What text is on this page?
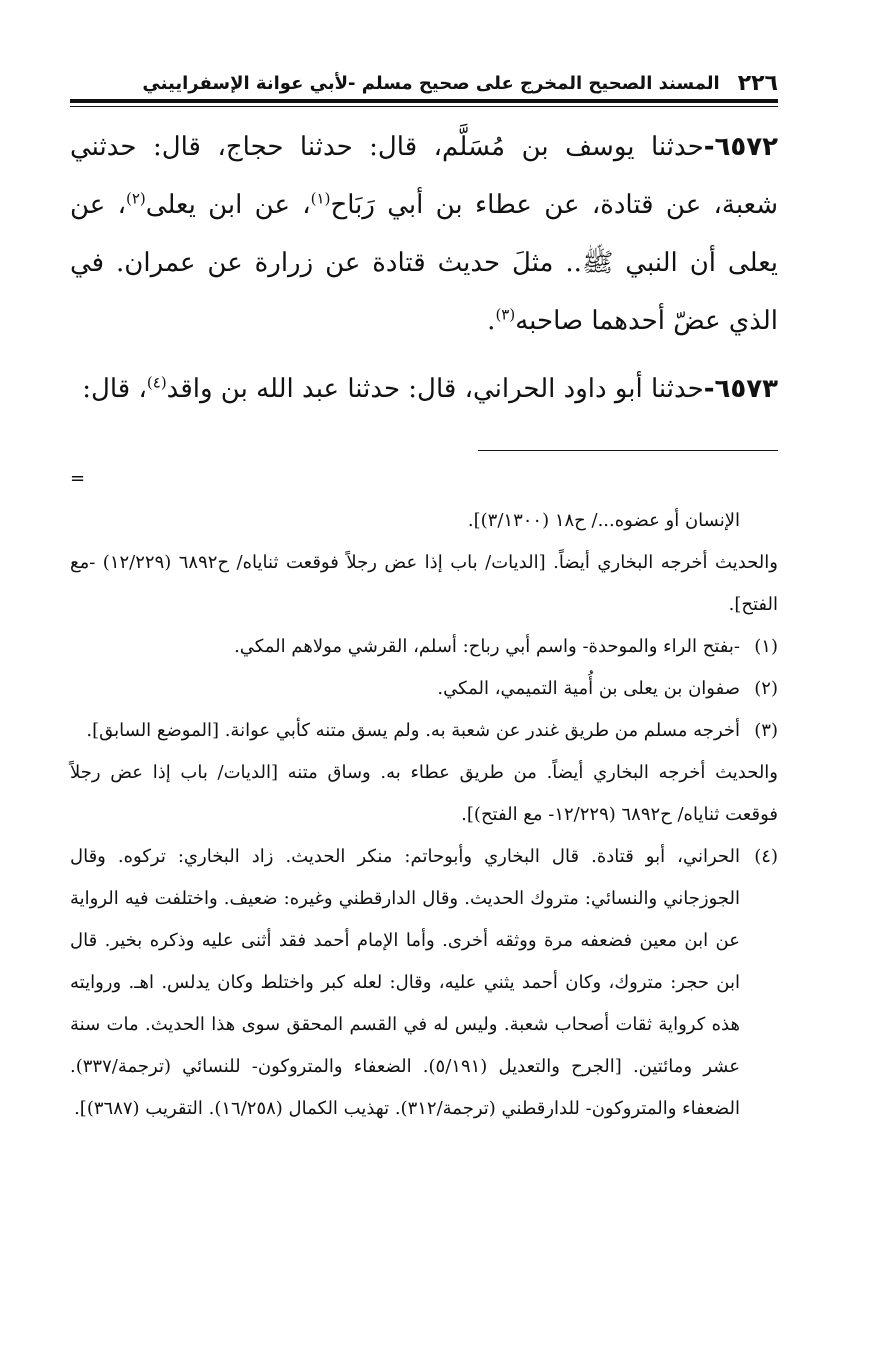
٢٢٦
المسند الصحيح المخرج على صحيح مسلم -لأبي عوانة الإسفراييني

٦٥٧٢-حدثنا يوسف بن مُسَلَّم، قال: حدثنا حجاج، قال: حدثني شعبة، عن قتادة، عن عطاء بن أبي رَبَاح$^{(١)}$، عن ابن يعلى$^{(٢)}$، عن يعلى أن النبي ﷺ.. مثلَ حديث قتادة عن زرارة عن عمران. في الذي عضّ أحدهما صاحبه$^{(٣)}$.

٦٥٧٣-حدثنا أبو داود الحراني، قال: حدثنا عبد الله بن واقد$^{(٤)}$، قال:

=

الإنسان أو عضوه.../ ح١٨ (٣/١٣٠٠)].

والحديث أخرجه البخاري أيضاً. [الديات/ باب إذا عض رجلاً فوقعت ثناياه/ ح٦٨٩٢ (١٢/٢٢٩) -مع الفتح].

(١)
-بفتح الراء والموحدة- واسم أبي رباح: أسلم، القرشي مولاهم المكي.
(٢)
صفوان بن يعلى بن أُمية التميمي، المكي.
(٣)
أخرجه مسلم من طريق غندر عن شعبة به. ولم يسق متنه كأبي عوانة. [الموضع السابق].

والحديث أخرجه البخاري أيضاً. من طريق عطاء به. وساق متنه [الديات/ باب إذا عض رجلاً فوقعت ثناياه/ ح٦٨٩٢ (١٢/٢٢٩- مع الفتح)].

(٤)
الحراني، أبو قتادة. قال البخاري وأبوحاتم: منكر الحديث. زاد البخاري: تركوه. وقال الجوزجاني والنسائي: متروك الحديث. وقال الدارقطني وغيره: ضعيف. واختلفت فيه الرواية عن ابن معين فضعفه مرة ووثقه أخرى. وأما الإمام أحمد فقد أثنى عليه وذكره بخير. قال ابن حجر: متروك، وكان أحمد يثني عليه، وقال: لعله كبر واختلط وكان يدلس. اهـ. وروايته هذه كرواية ثقات أصحاب شعبة. وليس له في القسم المحقق سوى هذا الحديث. مات سنة عشر ومائتين. [الجرح والتعديل (٥/١٩١). الضعفاء والمتروكون- للنسائي (ترجمة/٣٣٧). الضعفاء والمتروكون- للدارقطني (ترجمة/٣١٢). تهذيب الكمال (١٦/٢٥٨). التقريب (٣٦٨٧)].
